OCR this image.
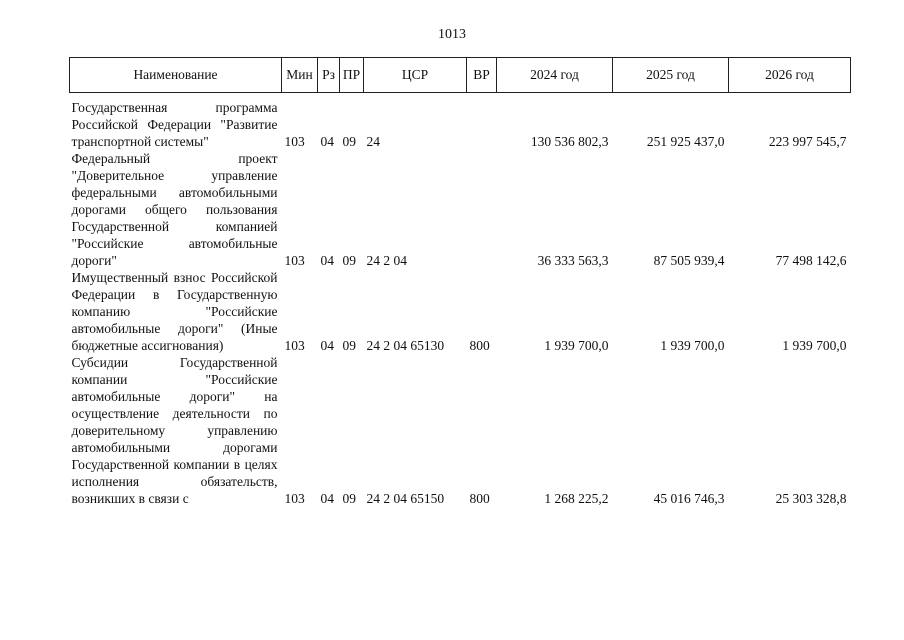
1013
Наименование	Мин	Рз	ПР	ЦСР	ВР	2024 год	2025 год	2026 год

Государственная программа Российской Федерации "Развитие транспортной системы"	103	04	09	24		130 536 802,3	251 925 437,0	223 997 545,7
Федеральный проект "Доверительное управление федеральными автомобильными дорогами общего пользования Государственной компанией "Российские автомобильные дороги"	103	04	09	24 2 04		36 333 563,3	87 505 939,4	77 498 142,6
Имущественный взнос Российской Федерации в Государственную компанию "Российские автомобильные дороги" (Иные бюджетные ассигнования)	103	04	09	24 2 04 65130	800	1 939 700,0	1 939 700,0	1 939 700,0
Субсидии Государственной компании "Российские автомобильные дороги" на осуществление деятельности по доверительному управлению автомобильными дорогами Государственной компании в целях исполнения обязательств, возникших в связи с	103	04	09	24 2 04 65150	800	1 268 225,2	45 016 746,3	25 303 328,8
